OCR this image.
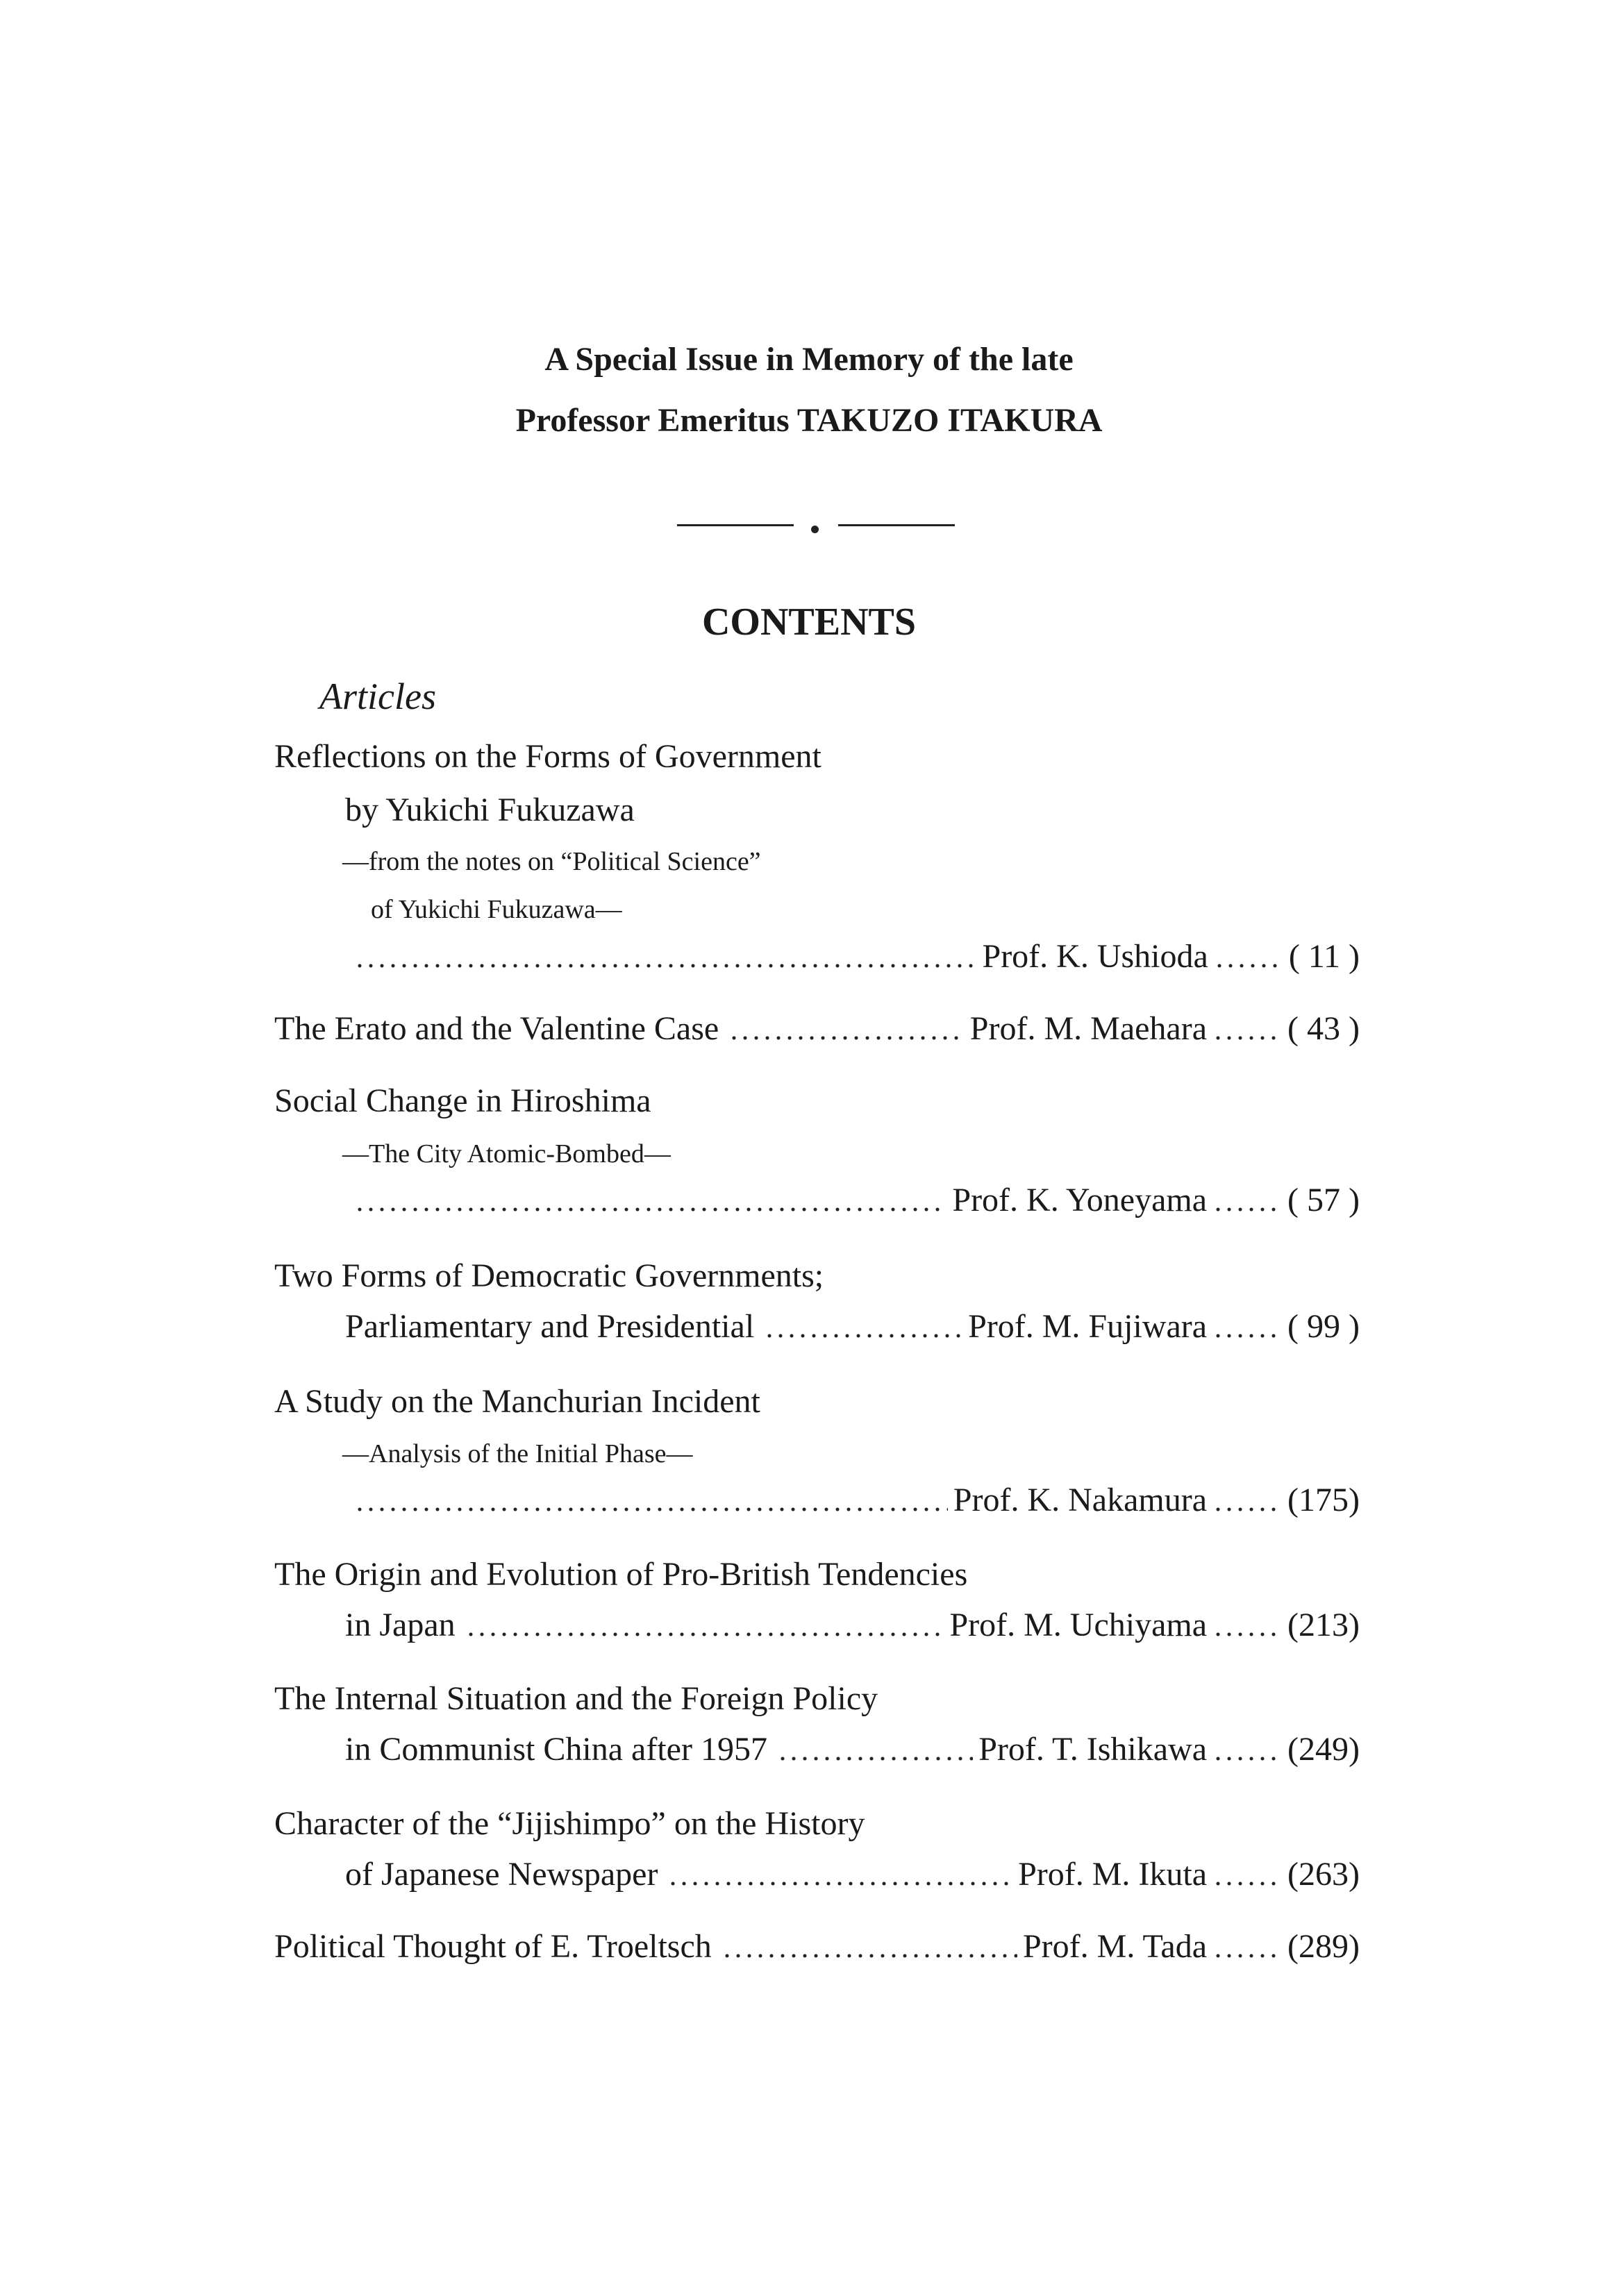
A Special Issue in Memory of the late
Professor Emeritus TAKUZO ITAKURA
CONTENTS
Articles
Reflections on the Forms of Government
by Yukichi Fukuzawa
—from the notes on “Political Science”
of Yukichi Fukuzawa—
Prof. K. Ushioda ( 11 )
The Erato and the Valentine Case	Prof. M. Maehara ( 43 )
Social Change in Hiroshima
—The City Atomic-Bombed—
Prof. K. Yoneyama ( 57 )
Two Forms of Democratic Governments;
Parliamentary and Presidential	Prof. M. Fujiwara ( 99 )
A Study on the Manchurian Incident
—Analysis of the Initial Phase—
Prof. K. Nakamura (175)
The Origin and Evolution of Pro-British Tendencies
in Japan	Prof. M. Uchiyama (213)
The Internal Situation and the Foreign Policy
in Communist China after 1957	Prof. T. Ishikawa (249)
Character of the “Jijishimpo” on the History
of Japanese Newspaper	Prof. M. Ikuta (263)
Political Thought of E. Troeltsch	Prof. M. Tada (289)
